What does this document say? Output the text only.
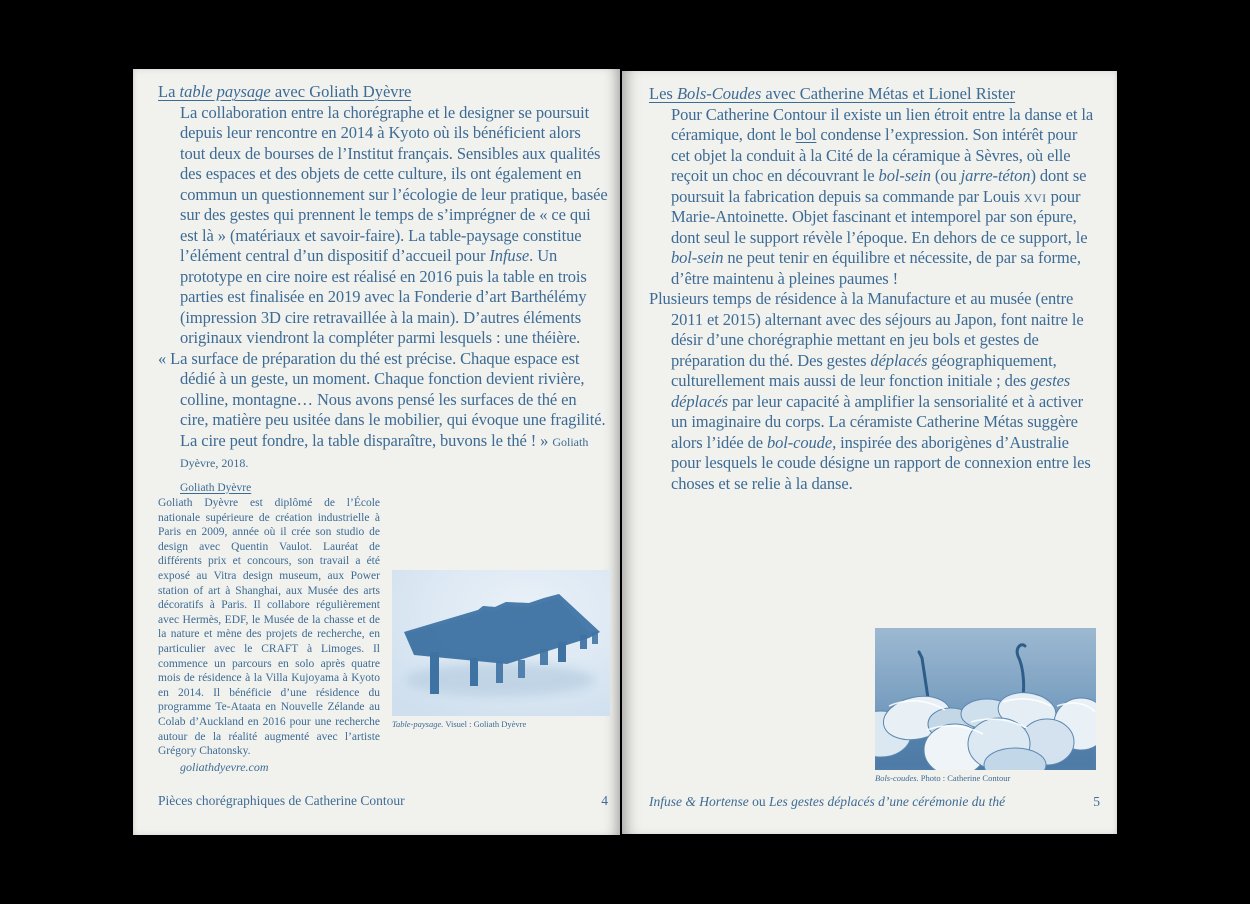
La table paysage avec Goliath Dyèvre

La collaboration entre la chorégraphe et le designer se poursuit depuis leur rencontre en 2014 à Kyoto où ils bénéficient alors tout deux de bourses de l’Institut français. Sensibles aux qualités des espaces et des objets de cette culture, ils ont également en commun un questionnement sur l’écologie de leur pratique, basée sur des gestes qui prennent le temps de s’imprégner de « ce qui est là » (matériaux et savoir-faire). La table-paysage constitue l’élément central d’un dispositif d’accueil pour Infuse. Un prototype en cire noire est réalisé en 2016 puis la table en trois parties est finalisée en 2019 avec la Fonderie d’art Barthélémy (impression 3D cire retravaillée à la main). D’autres éléments originaux viendront la compléter parmi lesquels : une théière.

« La surface de préparation du thé est précise. Chaque espace est dédié à un geste, un moment. Chaque fonction devient rivière, colline, montagne… Nous avons pensé les surfaces de thé en cire, matière peu usitée dans le mobilier, qui évoque une fragilité. La cire peut fondre, la table disparaître, buvons le thé ! » Goliath Dyèvre, 2018.

Goliath Dyèvre
Table-paysage. Visuel : Goliath Dyèvre
Goliath Dyèvre est diplômé de l’École nationale supérieure de création industrielle à Paris en 2009, année où il crée son studio de design avec Quentin Vaulot. Lauréat de différents prix et concours, son travail a été exposé au Vitra design museum, aux Power station of art à Shanghai, aux Musée des arts décoratifs à Paris. Il collabore régulièrement avec Hermès, EDF, le Musée de la chasse et de la nature et mène des projets de recherche, en particulier avec le CRAFT à Limoges. Il commence un parcours en solo après quatre mois de résidence à la Villa Kujoyama à Kyoto en 2014. Il bénéficie d’une résidence du programme Te-Ataata en Nouvelle Zélande au Colab d’Auckland en 2016 pour une recherche autour de la réalité augmenté avec l’artiste Grégory Chatonsky.
goliathdyevre.com
Pièces chorégraphiques de Catherine Contour	4
Les Bols-Coudes avec Catherine Métas et Lionel Rister

Pour Catherine Contour il existe un lien étroit entre la danse et la céramique, dont le bol condense l’expression. Son intérêt pour cet objet la conduit à la Cité de la céramique à Sèvres, où elle reçoit un choc en découvrant le bol-sein (ou jarre-téton) dont se poursuit la fabrication depuis sa commande par Louis xvi pour Marie-Antoinette. Objet fascinant et intemporel par son épure, dont seul le support révèle l’époque. En dehors de ce support, le bol-sein ne peut tenir en équilibre et nécessite, de par sa forme, d’être maintenu à pleines paumes !

Plusieurs temps de résidence à la Manufacture et au musée (entre 2011 et 2015) alternant avec des séjours au Japon, font naitre le désir d’une chorégraphie mettant en jeu bols et gestes de préparation du thé. Des gestes déplacés géographiquement, culturellement mais aussi de leur fonction initiale ; des gestes déplacés par leur capacité à amplifier la sensorialité et à activer un imaginaire du corps. La céramiste Catherine Métas suggère alors l’idée de bol-coude, inspirée des aborigènes d’Australie pour lesquels le coude désigne un rapport de connexion entre les choses et se relie à la danse.

Bols-coudes. Photo : Catherine Contour
Infuse & Hortense ou Les gestes déplacés d’une cérémonie du thé	5
